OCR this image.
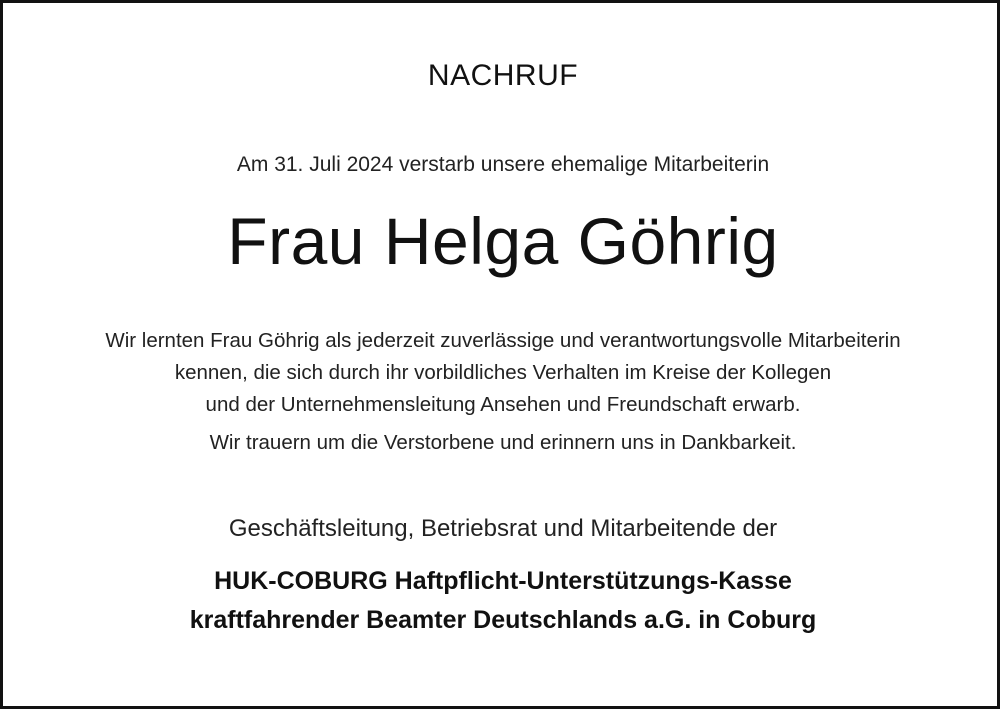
NACHRUF
Am 31. Juli 2024 verstarb unsere ehemalige Mitarbeiterin
Frau Helga Göhrig
Wir lernten Frau Göhrig als jederzeit zuverlässige und verantwortungsvolle Mitarbeiterin
kennen, die sich durch ihr vorbildliches Verhalten im Kreise der Kollegen
und der Unternehmensleitung Ansehen und Freundschaft erwarb.
Wir trauern um die Verstorbene und erinnern uns in Dankbarkeit.
Geschäftsleitung, Betriebsrat und Mitarbeitende der
HUK-COBURG Haftpflicht-Unterstützungs-Kasse
kraftfahrender Beamter Deutschlands a.G. in Coburg
